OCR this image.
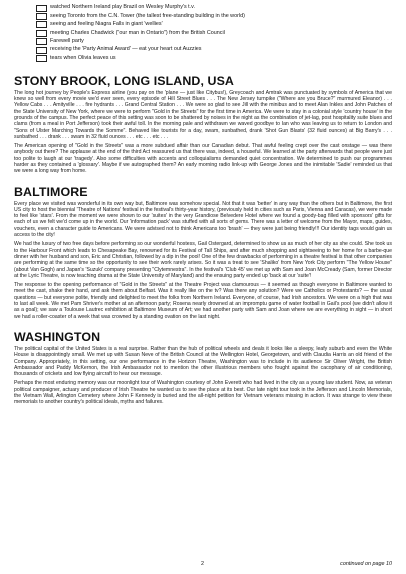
watched Northern Ireland play Brazil on Wesley Murphy's t.v.
seeing Toronto from the C.N. Tower (the tallest free-standing building in the world)
seeing and feeling Niagra Falls in giant 'wellies'
meeting Charles Chadwick ("our man in Ontario") from the British Council
Farewell party
receiving the 'Party Animal Award' — eat your heart out Auzzies
tears when Olivia leaves us
STONY BROOK, LONG ISLAND, USA

The long hot journey by People's Express airline (you pay on the 'plane — just like Citybus!), Greycoach and Amtrak was punctuated by symbols of America that we knew so well from every movie we'd ever seen, every episode of Hill Street Blues . . . The New Jersey turnpike ("Where are you Bruce?" murmured Eleanor) . . . Yellow Cabs . . . Amityville . . . fire hydrants . . . Grand Central Station . . . We were so glad to see Jill with the minibus and to meet Alan Inkles and John Patches of the State University of New York, where we were to perform "Gold in the Streets" for the first time in America. We were to stay in a colonial style 'country house' in the grounds of the campus. The perfect peace of this setting was soon to be shattered by noises in the night as the combination of jet-lag, post hospitality suite blues and clams (from a meal in Port Jefferson) took their awful toll. In the morning pale and withdrawn we waved goodbye to Ian who was leaving us to return to London and "Sons of Ulster Marching Towards the Somme". Behaved like tourists for a day, swam, sunbathed, drank 'Shot Gun Blasts' (32 fluid ounces) at Big Barry's . . . sunbathed . . . drank . . . swam in 32 fluid ounces . . . etc . . . etc . . .

The American opening of "Gold in the Streets" was a more subdued affair than our Canadian debut. That awful feeling crept over the cast onstage — was there anybody out there? The applause at the end of the third Act reassured us that there was, indeed, a houseful. We learned at the party afterwards that people were just too polite to laugh at our 'tragedy'. Also some difficulties with accents and colloquialisms demanded quiet concentration. We determined to push our programmes harder as they contained a 'glossary'. Maybe if we autographed them? An early morning radio link-up with George Jones and the inimitable 'Sadie' reminded us that we were a long way from home.

BALTIMORE

Every place we visited was wonderful in its own way but, Baltimore was somehow special. Not that it was 'better' in any way than the others but in Baltimore, the first US city to host the biennial 'Theatre of Nations' festival in the festival's thirty-year history, (previously held in cities such as Paris, Vienna and Caracas), we were made to feel like 'stars'. From the moment we were shown to our 'suites' in the very Grandiose Belvedere Hotel where we found a goody-bag filled with sponsors' gifts for each of us we felt we'd come up in the world. Our 'information pack' was stuffed with all sorts of gems. There was a letter of welcome from the Mayor, maps, guides, vouchers, even a character guide to Americans. We were advised not to think Americans too 'brash' — they were just being friendly!!! Our identity tags would gain us access to the city!

We had the luxury of two free days before performing so our wonderful hostess, Gail Ostergard, determined to show us as much of her city as she could. She took us to the Harbour Front which leads to Chesapeake Bay, renowned for its Festival of Tall Ships, and after much shopping and sightseeing to her home for a barbe-que dinner with her husband and son, Eric and Christian, followed by a dip in the pool! One of the few drawbacks of performing in a theatre festival is that other companies are performing at the same time so the opportunity to see their work rarely arises. So it was a treat to see 'Shaliko' from New York City perform "The Yellow House" (about Van Gogh) and Japan's 'Suzuki' company presenting "Clytemnestra". In the festival's 'Club 45' we met up with Sam and Joan McCready (Sam, former Director at the Lyric Theatre, is now teaching drama at the State University of Maryland) and the ensuing party ended up 'back at our 'suite'!

The response to the opening performance of "Gold in the Streets" at the Theatre Project was clamourous — it seemed as though everyone in Baltimore wanted to meet the cast, shake their hand, and ask them about Belfast. Was it really like on the tv? Was there any solution? Were we Catholics or Protestants? — the usual questions — but everyone polite, friendly and delighted to meet the folks from Northern Ireland. Everyone, of course, had Irish ancestors. We were on a high that was to last all week. We met Pam Shriver's mother at an afternoon party; Rosena nearly drowned at an impromptu game of water football in Gail's pool (we didn't allow it as a goal); we saw a Toulouse Lautrec exhibition at Baltimore Museum of Art; we had another party with Sam and Joan where we are everything in sight — in short we had a roller-coaster of a week that was crowned by a standing ovation on the last night.

WASHINGTON

The political capital of the United States is a real surprise. Rather than the hub of political wheels and deals it looks like a sleepy, leafy suburb and even the White House is disappointingly small. We met up with Susan Neve of the British Council at the Wellington Hotel, Georgetown, and with Claudia Harris an old friend of the Company. Appropriately, in this setting, our one performance in the Horizon Theatre, Washington was to include in its audience Sir Oliver Wright, the British Ambassador and Paddy McKernon, the Irish Ambassador not to mention the other illustrious members who fought against the cacophany of air conditioning, thousands of crickets and low flying aircraft to hear our message.

Perhaps the most enduring memory was our moonlight tour of Washington courtesy of John Everett who had lived in the city as a young law student. Now, as veteran political campaigner, actuary and producer of Irish Theatre he wanted us to see the place at its best. Our late night tour took in the Jefferson and Lincoln Memorials, the Vietnam Wall, Arlington Cemetery where John F Kennedy is buried and the all-night petition for Vietnam veterans missing in action. It was strange to view these memorials to another country's political ideals, myths and failures.

2	continued on page 10
